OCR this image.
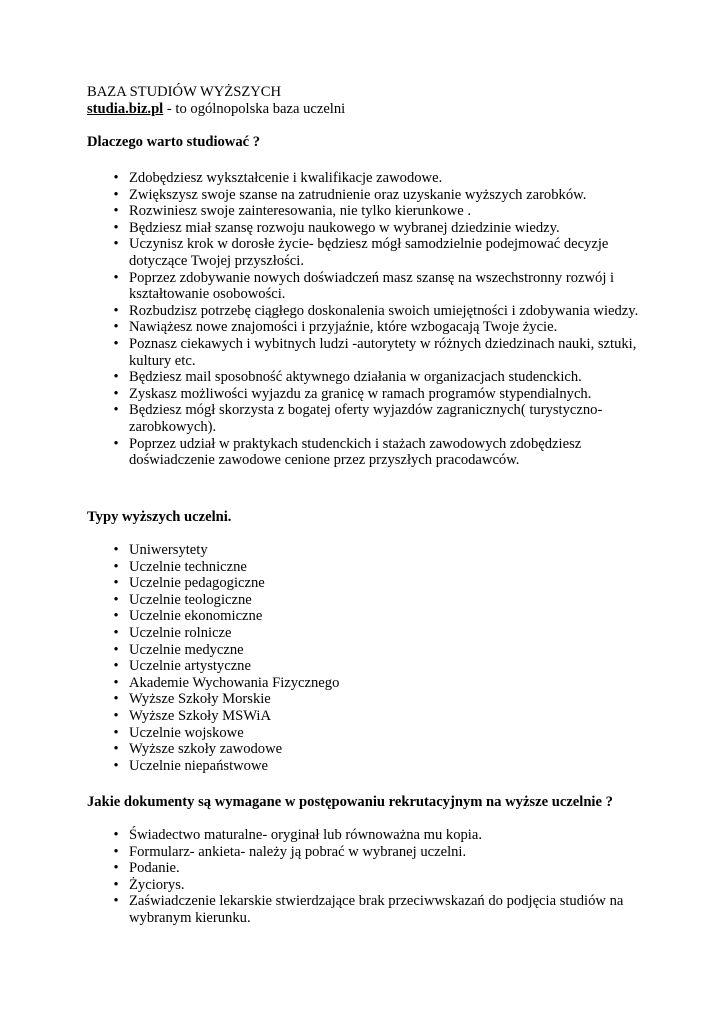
BAZA STUDIÓW WYŻSZYCH

studia.biz.pl - to ogólnopolska baza uczelni

Dlaczego warto studiować ?

• Zdobędziesz wykształcenie i kwalifikacje zawodowe.
• Zwiększysz swoje szanse na zatrudnienie oraz uzyskanie wyższych zarobków.
• Rozwiniesz swoje zainteresowania, nie tylko kierunkowe .
• Będziesz miał szansę rozwoju naukowego w wybranej dziedzinie wiedzy.
• Uczynisz krok w dorosłe życie- będziesz mógł samodzielnie podejmować decyzje dotyczące Twojej przyszłości.
• Poprzez zdobywanie nowych doświadczeń masz szansę na wszechstronny rozwój i kształtowanie osobowości.
• Rozbudzisz potrzebę ciągłego doskonalenia swoich umiejętności i zdobywania wiedzy.
• Nawiążesz nowe znajomości i przyjaźnie, które wzbogacają Twoje życie.
• Poznasz ciekawych i wybitnych ludzi -autorytety w różnych dziedzinach nauki, sztuki, kultury etc.
• Będziesz mail sposobność aktywnego działania w organizacjach studenckich.
• Zyskasz możliwości wyjazdu za granicę w ramach programów stypendialnych.
• Będziesz mógł skorzysta z bogatej oferty wyjazdów zagranicznych( turystyczno-zarobkowych).
• Poprzez udział w praktykach studenckich i stażach zawodowych zdobędziesz doświadczenie zawodowe cenione przez przyszłych pracodawców.

Typy wyższych uczelni.

• Uniwersytety
• Uczelnie techniczne
• Uczelnie pedagogiczne
• Uczelnie teologiczne
• Uczelnie ekonomiczne
• Uczelnie rolnicze
• Uczelnie medyczne
• Uczelnie artystyczne
• Akademie Wychowania Fizycznego
• Wyższe Szkoły Morskie
• Wyższe Szkoły MSWiA
• Uczelnie wojskowe
• Wyższe szkoły zawodowe
• Uczelnie niepaństwowe

Jakie dokumenty są wymagane w postępowaniu rekrutacyjnym na wyższe uczelnie ?

• Świadectwo maturalne- oryginał lub równoważna mu kopia.
• Formularz- ankieta- należy ją pobrać w wybranej uczelni.
• Podanie.
• Życiorys.
• Zaświadczenie lekarskie stwierdzające brak przeciwwskazań do podjęcia studiów na wybranym kierunku.
